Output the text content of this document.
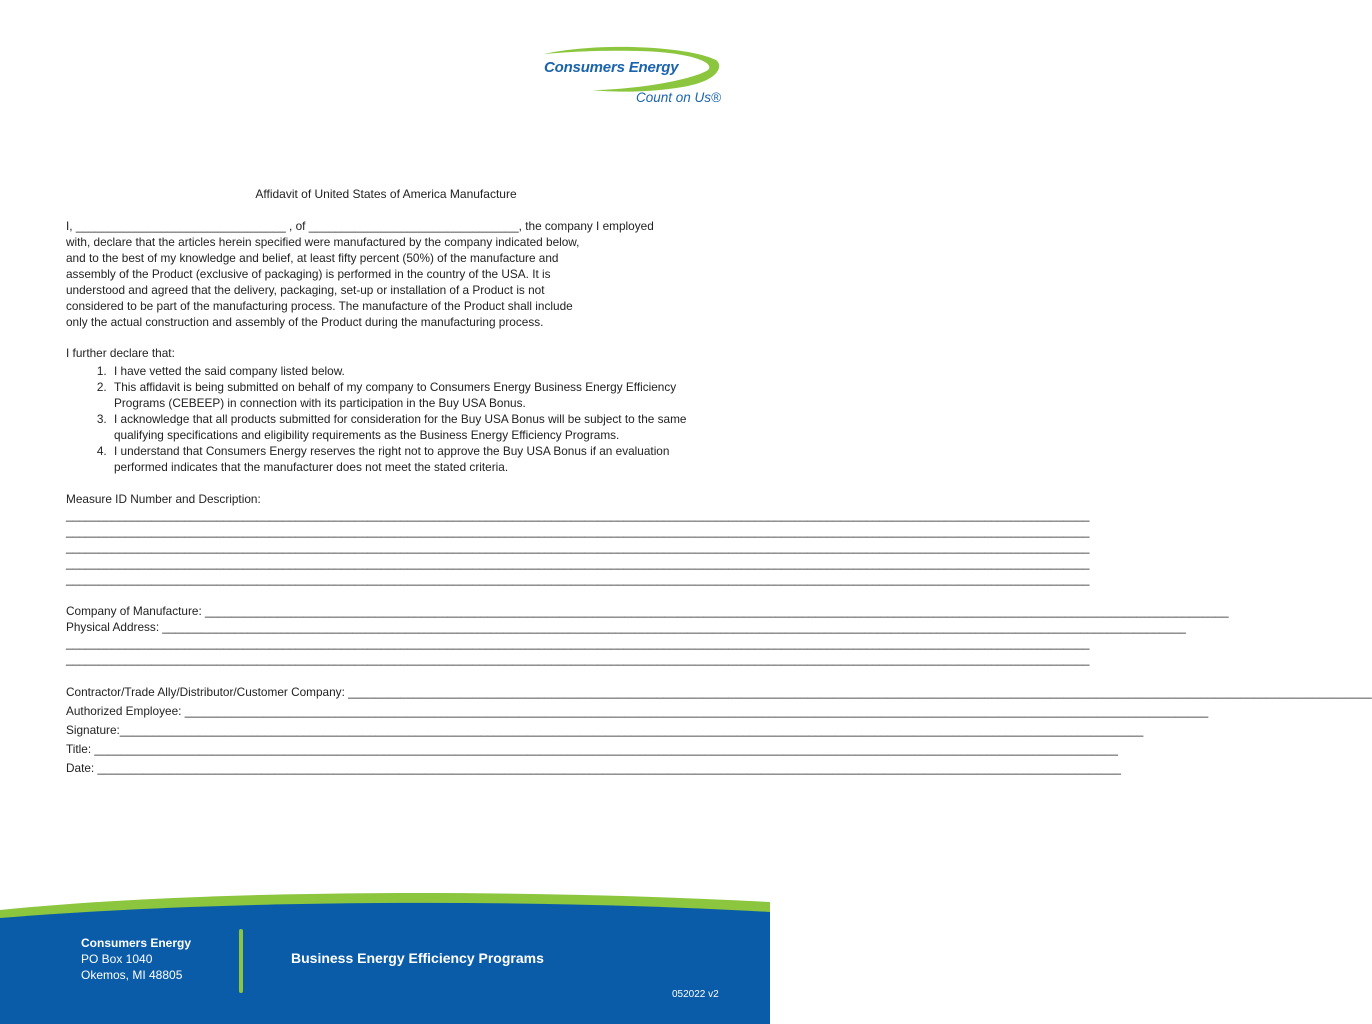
Consumers Energy
Count on Us®
Affidavit of United States of America Manufacture
I, ________________________________ , of ________________________________, the company I employed
with, declare that the articles herein specified were manufactured by the company indicated below,
and to the best of my knowledge and belief, at least fifty percent (50%) of the manufacture and
assembly of the Product (exclusive of packaging) is performed in the country of the USA. It is
understood and agreed that the delivery, packaging, set-up or installation of a Product is not
considered to be part of the manufacturing process. The manufacture of the Product shall include
only the actual construction and assembly of the Product during the manufacturing process.
I further declare that:
1. I have vetted the said company listed below.
2. This affidavit is being submitted on behalf of my company to Consumers Energy Business Energy Efficiency Programs (CEBEEP) in connection with its participation in the Buy USA Bonus.
3. I acknowledge that all products submitted for consideration for the Buy USA Bonus will be subject to the same qualifying specifications and eligibility requirements as the Business Energy Efficiency Programs.
4. I understand that Consumers Energy reserves the right not to approve the Buy USA Bonus if an evaluation performed indicates that the manufacturer does not meet the stated criteria.
Measure ID Number and Description:
____________________________________________________________________________________________________________________________________________________________
____________________________________________________________________________________________________________________________________________________________
____________________________________________________________________________________________________________________________________________________________
____________________________________________________________________________________________________________________________________________________________
____________________________________________________________________________________________________________________________________________________________
Company of Manufacture: ____________________________________________________________________________________________________________________________________________________________
Physical Address: ____________________________________________________________________________________________________________________________________________________________
____________________________________________________________________________________________________________________________________________________________
____________________________________________________________________________________________________________________________________________________________
Contractor/Trade Ally/Distributor/Customer Company: ____________________________________________________________________________________________________________________________________________________________
Authorized Employee: ____________________________________________________________________________________________________________________________________________________________
Signature:____________________________________________________________________________________________________________________________________________________________
Title: ____________________________________________________________________________________________________________________________________________________________
Date: ____________________________________________________________________________________________________________________________________________________________
Consumers Energy
PO Box 1040
Okemos, MI 48805
Business Energy Efficiency Programs
052022 v2
